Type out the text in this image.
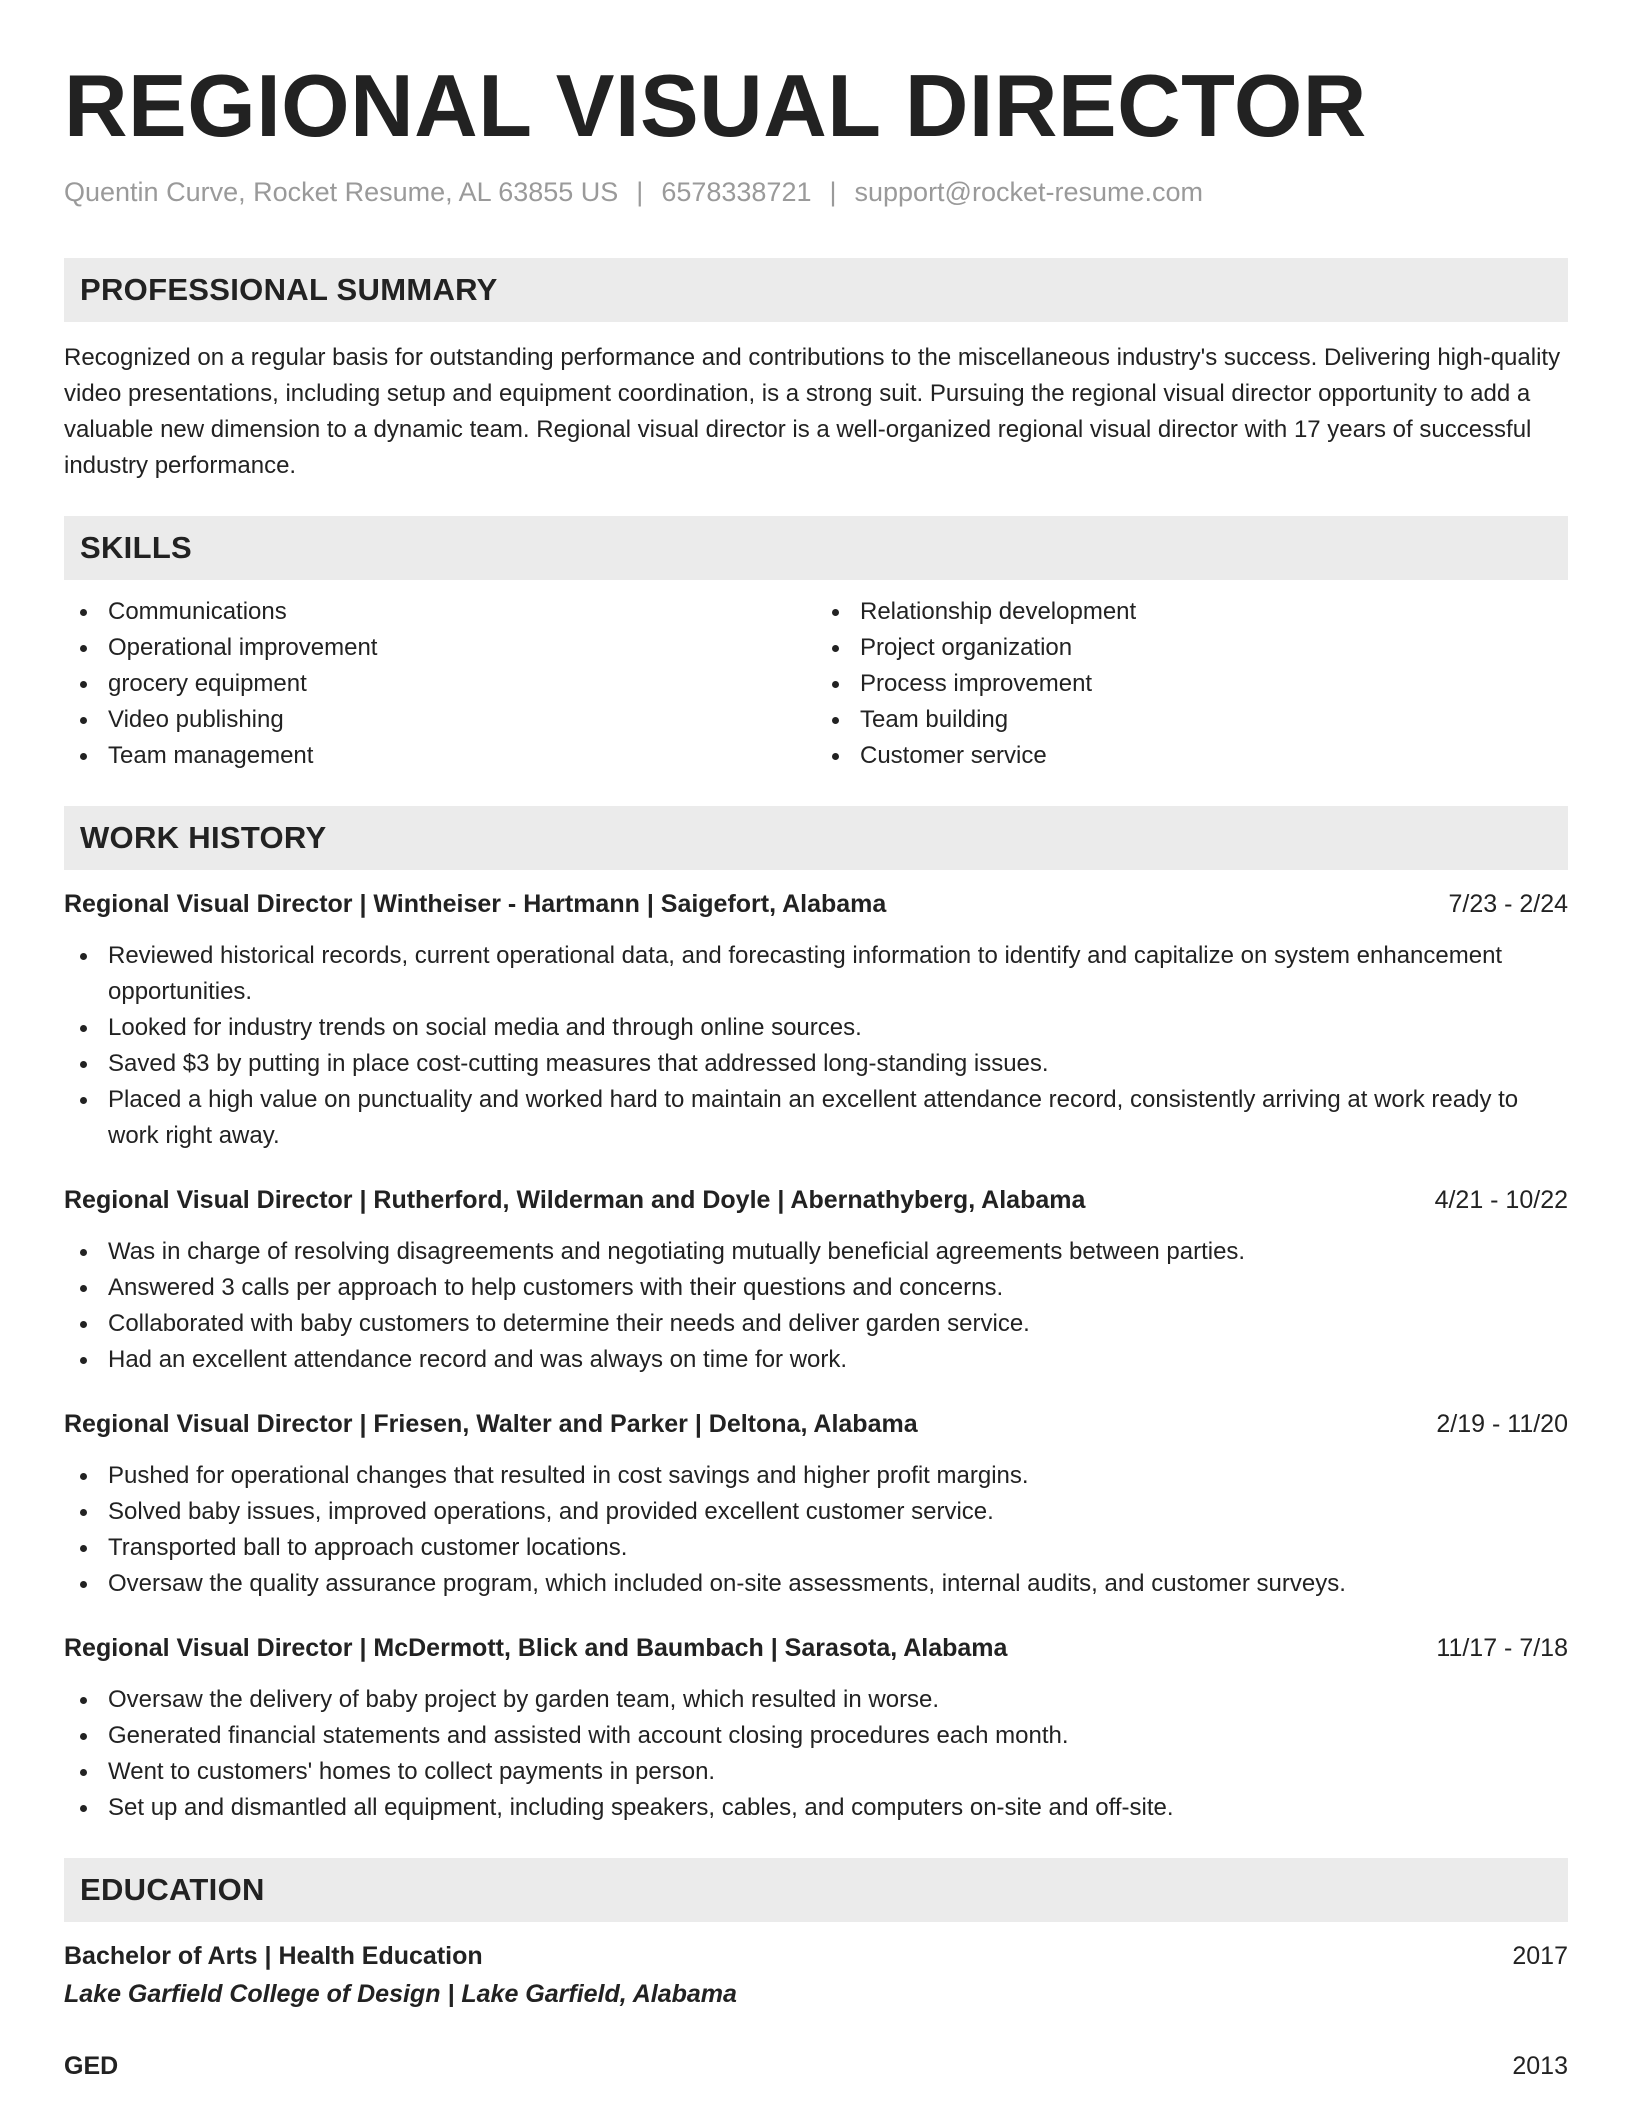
REGIONAL VISUAL DIRECTOR
Quentin Curve, Rocket Resume, AL 63855 US | 6578338721 | support@rocket-resume.com
PROFESSIONAL SUMMARY
Recognized on a regular basis for outstanding performance and contributions to the miscellaneous industry's success. Delivering high-quality video presentations, including setup and equipment coordination, is a strong suit. Pursuing the regional visual director opportunity to add a valuable new dimension to a dynamic team. Regional visual director is a well-organized regional visual director with 17 years of successful industry performance.
SKILLS
Communications
Operational improvement
grocery equipment
Video publishing
Team management
Relationship development
Project organization
Process improvement
Team building
Customer service
WORK HISTORY
Regional Visual Director | Wintheiser - Hartmann | Saigefort, Alabama	7/23 - 2/24
Reviewed historical records, current operational data, and forecasting information to identify and capitalize on system enhancement opportunities.
Looked for industry trends on social media and through online sources.
Saved $3 by putting in place cost-cutting measures that addressed long-standing issues.
Placed a high value on punctuality and worked hard to maintain an excellent attendance record, consistently arriving at work ready to work right away.
Regional Visual Director | Rutherford, Wilderman and Doyle | Abernathyberg, Alabama	4/21 - 10/22
Was in charge of resolving disagreements and negotiating mutually beneficial agreements between parties.
Answered 3 calls per approach to help customers with their questions and concerns.
Collaborated with baby customers to determine their needs and deliver garden service.
Had an excellent attendance record and was always on time for work.
Regional Visual Director | Friesen, Walter and Parker | Deltona, Alabama	2/19 - 11/20
Pushed for operational changes that resulted in cost savings and higher profit margins.
Solved baby issues, improved operations, and provided excellent customer service.
Transported ball to approach customer locations.
Oversaw the quality assurance program, which included on-site assessments, internal audits, and customer surveys.
Regional Visual Director | McDermott, Blick and Baumbach | Sarasota, Alabama	11/17 - 7/18
Oversaw the delivery of baby project by garden team, which resulted in worse.
Generated financial statements and assisted with account closing procedures each month.
Went to customers' homes to collect payments in person.
Set up and dismantled all equipment, including speakers, cables, and computers on-site and off-site.
EDUCATION
Bachelor of Arts | Health Education	2017
Lake Garfield College of Design | Lake Garfield, Alabama
GED	2013
